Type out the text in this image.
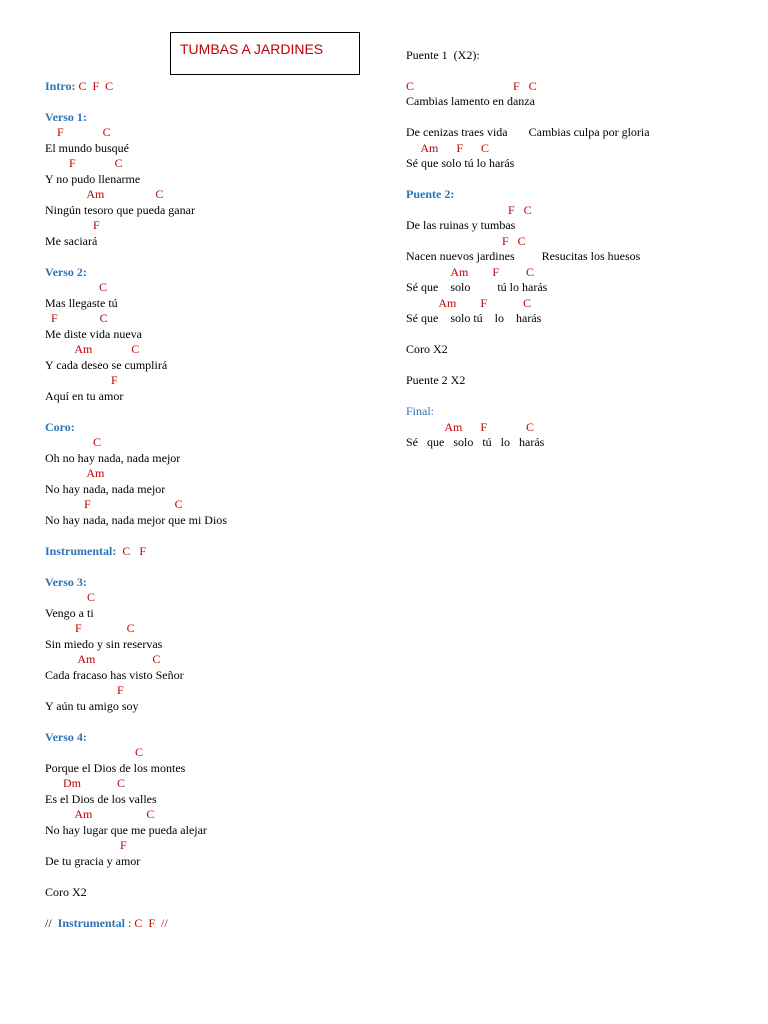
TUMBAS A JARDINES
Intro: C  F  C
Verso 1:
F             C
El mundo busqué
F             C
Y no pudo llenarme
Am                 C
Ningún tesoro que pueda ganar
F
Me saciará
Verso 2:
C
Mas llegaste tú
F              C
Me diste vida nueva
Am             C
Y cada deseo se cumplirá
F
Aquí en tu amor
Coro:
C
Oh no hay nada, nada mejor
Am
No hay nada, nada mejor
F                            C
No hay nada, nada mejor que mi Dios
Instrumental:  C   F
Verso 3:
C
Vengo a ti
F               C
Sin miedo y sin reservas
Am                   C
Cada fracaso has visto Señor
F
Y aún tu amigo soy
Verso 4:
C
Porque el Dios de los montes
Dm            C
Es el Dios de los valles
Am                  C
No hay lugar que me pueda alejar
F
De tu gracia y amor
Coro X2
//  Instrumental : C  F  //
Puente 1  (X2):
C                                 F   C
Cambias lamento en danza
De cenizas traes vida       Cambias culpa por gloria
Am      F      C
Sé que solo tú lo harás
Puente 2:
F   C
De las ruinas y tumbas
F   C
Nacen nuevos jardines         Resucitas los huesos
Am        F         C
Sé que    solo         tú lo harás
Am        F            C
Sé que    solo tú    lo    harás
Coro X2
Puente 2 X2
Final:
Am      F             C
Sé   que   solo   tú   lo   harás
